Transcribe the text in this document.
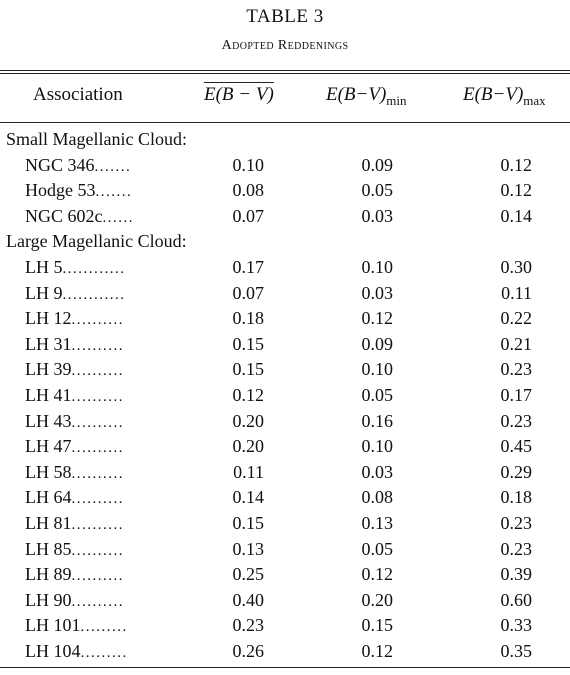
TABLE 3
Adopted Reddenings
Association	E(B − V)	$E(B-V)_{min}$	$E(B-V)_{max}$
Small Magellanic Cloud:
NGC 346.......	0.10	0.09	0.12
Hodge 53.......	0.08	0.05	0.12
NGC 602c......	0.07	0.03	0.14
Large Magellanic Cloud:
LH 5............	0.17	0.10	0.30
LH 9............	0.07	0.03	0.11
LH 12..........	0.18	0.12	0.22
LH 31..........	0.15	0.09	0.21
LH 39..........	0.15	0.10	0.23
LH 41..........	0.12	0.05	0.17
LH 43..........	0.20	0.16	0.23
LH 47..........	0.20	0.10	0.45
LH 58..........	0.11	0.03	0.29
LH 64..........	0.14	0.08	0.18
LH 81..........	0.15	0.13	0.23
LH 85..........	0.13	0.05	0.23
LH 89..........	0.25	0.12	0.39
LH 90..........	0.40	0.20	0.60
LH 101.........	0.23	0.15	0.33
LH 104.........	0.26	0.12	0.35
